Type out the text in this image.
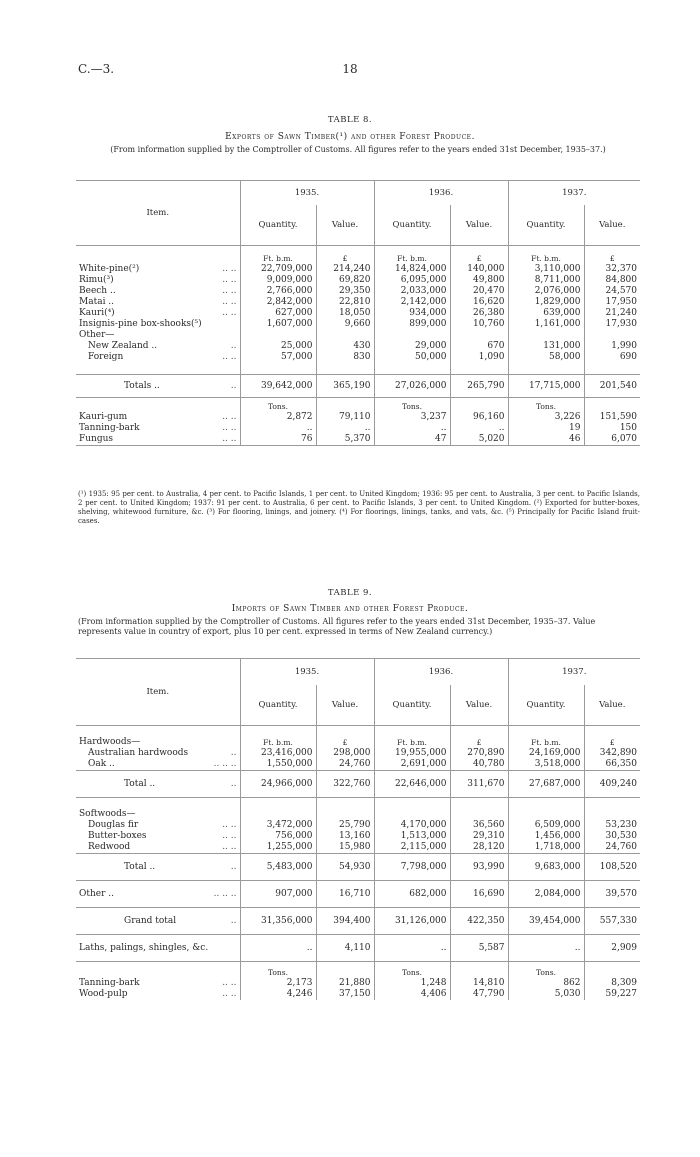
C.—3.	18
TABLE 8.
Exports of Sawn Timber(¹) and other Forest Produce.
(From information supplied by the Comptroller of Customs. All figures refer to the years ended 31st December, 1935–37.)
Item.	1935.		1936.		1937.	
	Quantity.	Value.	Quantity.	Value.	Quantity.	Value.
	Ft. b.m.	£	Ft. b.m.	£	Ft. b.m.	£
White-pine(²) .. ..	22,709,000	214,240	14,824,000	140,000	3,110,000	32,370
Rimu(³) .. ..	9,009,000	69,820	6,095,000	49,800	8,711,000	84,800
Beech .. .. ..	2,766,000	29,350	2,033,000	20,470	2,076,000	24,570
Matai .. .. ..	2,842,000	22,810	2,142,000	16,620	1,829,000	17,950
Kauri(⁴) .. ..	627,000	18,050	934,000	26,380	639,000	21,240
Insignis-pine box-shooks(⁵)	1,607,000	9,660	899,000	10,760	1,161,000	17,930
Other—						
New Zealand .. ..	25,000	430	29,000	670	131,000	1,990
Foreign .. ..	57,000	830	50,000	1,090	58,000	690

Totals .. ..	39,642,000	365,190	27,026,000	265,790	17,715,000	201,540
	Tons.		Tons.		Tons.	
Kauri-gum .. ..	2,872	79,110	3,237	96,160	3,226	151,590
Tanning-bark .. ..	..	..	..	..	19	150
Fungus .. ..	76	5,370	47	5,020	46	6,070
(¹) 1935: 95 per cent. to Australia, 4 per cent. to Pacific Islands, 1 per cent. to United Kingdom; 1936: 95 per cent. to Australia, 3 per cent. to Pacific Islands, 2 per cent. to United Kingdom; 1937: 91 per cent. to Australia, 6 per cent. to Pacific Islands, 3 per cent. to United Kingdom. (²) Exported for butter-boxes, shelving, whitewood furniture, &c. (³) For flooring, linings, and joinery. (⁴) For floorings, linings, tanks, and vats, &c. (⁵) Principally for Pacific Island fruit-cases.
TABLE 9.
Imports of Sawn Timber and other Forest Produce.
(From information supplied by the Comptroller of Customs. All figures refer to the years ended 31st December, 1935–37. Value represents value in country of export, plus 10 per cent. expressed in terms of New Zealand currency.)
Item.	1935.		1936.		1937.	
	Quantity.	Value.	Quantity.	Value.	Quantity.	Value.
Hardwoods—	Ft. b.m.	£	Ft. b.m.	£	Ft. b.m.	£
Australian hardwoods ..	23,416,000	298,000	19,955,000	270,890	24,169,000	342,890
Oak .. .. .. ..	1,550,000	24,760	2,691,000	40,780	3,518,000	66,350
Total .. ..	24,966,000	322,760	22,646,000	311,670	27,687,000	409,240

Softwoods—						
Douglas fir .. ..	3,472,000	25,790	4,170,000	36,560	6,509,000	53,230
Butter-boxes .. ..	756,000	13,160	1,513,000	29,310	1,456,000	30,530
Redwood .. ..	1,255,000	15,980	2,115,000	28,120	1,718,000	24,760
Total .. ..	5,483,000	54,930	7,798,000	93,990	9,683,000	108,520
Other .. .. .. ..	907,000	16,710	682,000	16,690	2,084,000	39,570
Grand total ..	31,356,000	394,400	31,126,000	422,350	39,454,000	557,330
Laths, palings, shingles, &c.	..	4,110	..	5,587	..	2,909
	Tons.		Tons.		Tons.	
Tanning-bark .. ..	2,173	21,880	1,248	14,810	862	8,309
Wood-pulp .. ..	4,246	37,150	4,406	47,790	5,030	59,227
